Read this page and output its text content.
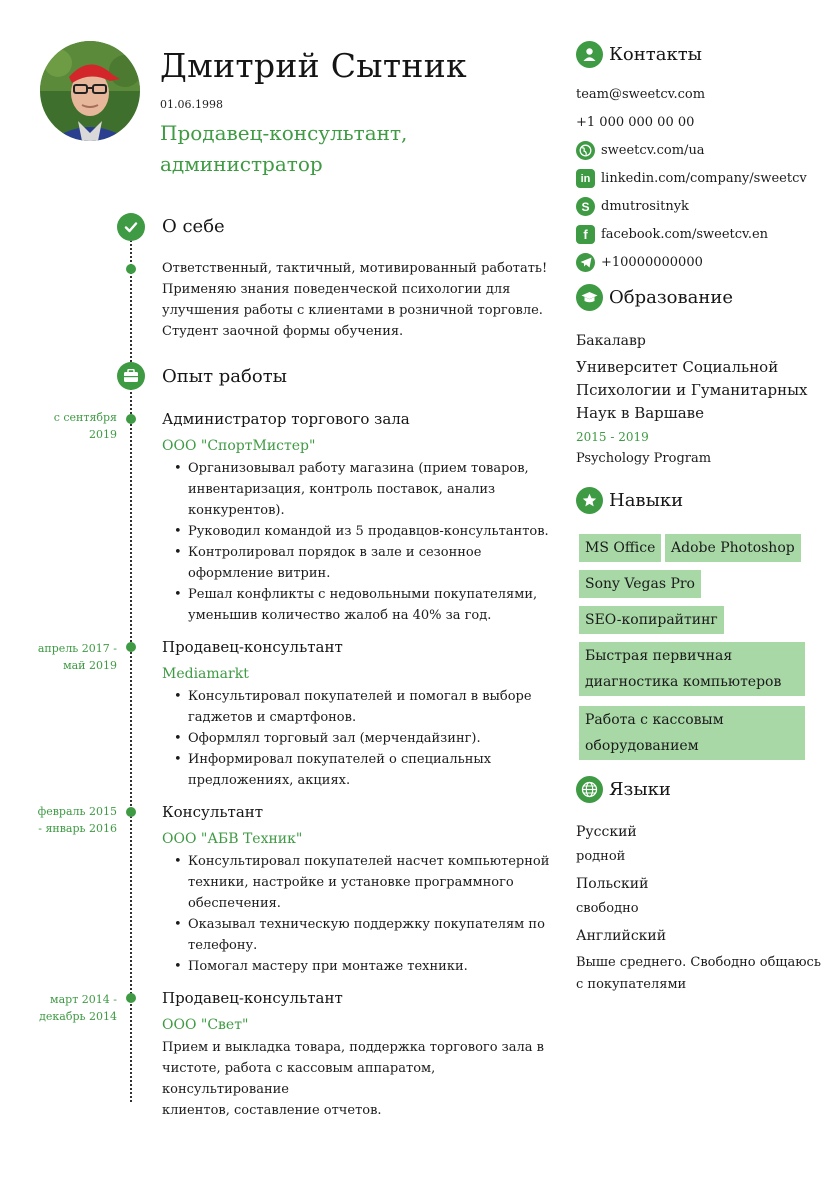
Дмитрий Сытник
01.06.1998
Продавец-консультант,
администратор
О себе
Ответственный, тактичный, мотивированный работать!
Применяю знания поведенческой психологии для
улучшения работы с клиентами в розничной торговле.
Студент заочной формы обучения.
Опыт работы
с сентября
2019
Администратор торгового зала
ООО "СпортМистер"
• Организовывал работу магазина (прием товаров,
инвентаризация, контроль поставок, анализ
конкурентов).
• Руководил командой из 5 продавцов-консультантов.
• Контролировал порядок в зале и сезонное
оформление витрин.
• Решал конфликты с недовольными покупателями,
уменьшив количество жалоб на 40% за год.
апрель 2017 -
май 2019
Продавец-консультант
Mediamarkt
• Консультировал покупателей и помогал в выборе
гаджетов и смартфонов.
• Оформлял торговый зал (мерчендайзинг).
• Информировал покупателей о специальных
предложениях, акциях.
февраль 2015
- январь 2016
Консультант
ООО "АБВ Техник"
• Консультировал покупателей насчет компьютерной
техники, настройке и установке программного
обеспечения.
• Оказывал техническую поддержку покупателям по
телефону.
• Помогал мастеру при монтаже техники.
март 2014 -
декабрь 2014
Продавец-консультант
ООО "Свет"
Прием и выкладка товара, поддержка торгового зала в
чистоте, работа с кассовым аппаратом, консультирование
клиентов, составление отчетов.
Контакты
team@sweetcv.com
+1 000 000 00 00
sweetcv.com/ua
in linkedin.com/company/sweetcv
S dmutrositnyk
f facebook.com/sweetcv.en
+10000000000
Образование
Бакалавр
Университет Социальной
Психологии и Гуманитарных
Наук в Варшаве
2015 - 2019
Psychology Program
Навыки
MS Office	Adobe Photoshop
Sony Vegas Pro
SEO-копирайтинг
Быстрая первичная
диагностика компьютеров
Работа с кассовым
оборудованием
Языки
Русский
родной
Польский
свободно
Английский
Выше среднего. Свободно общаюсь
с покупателями
